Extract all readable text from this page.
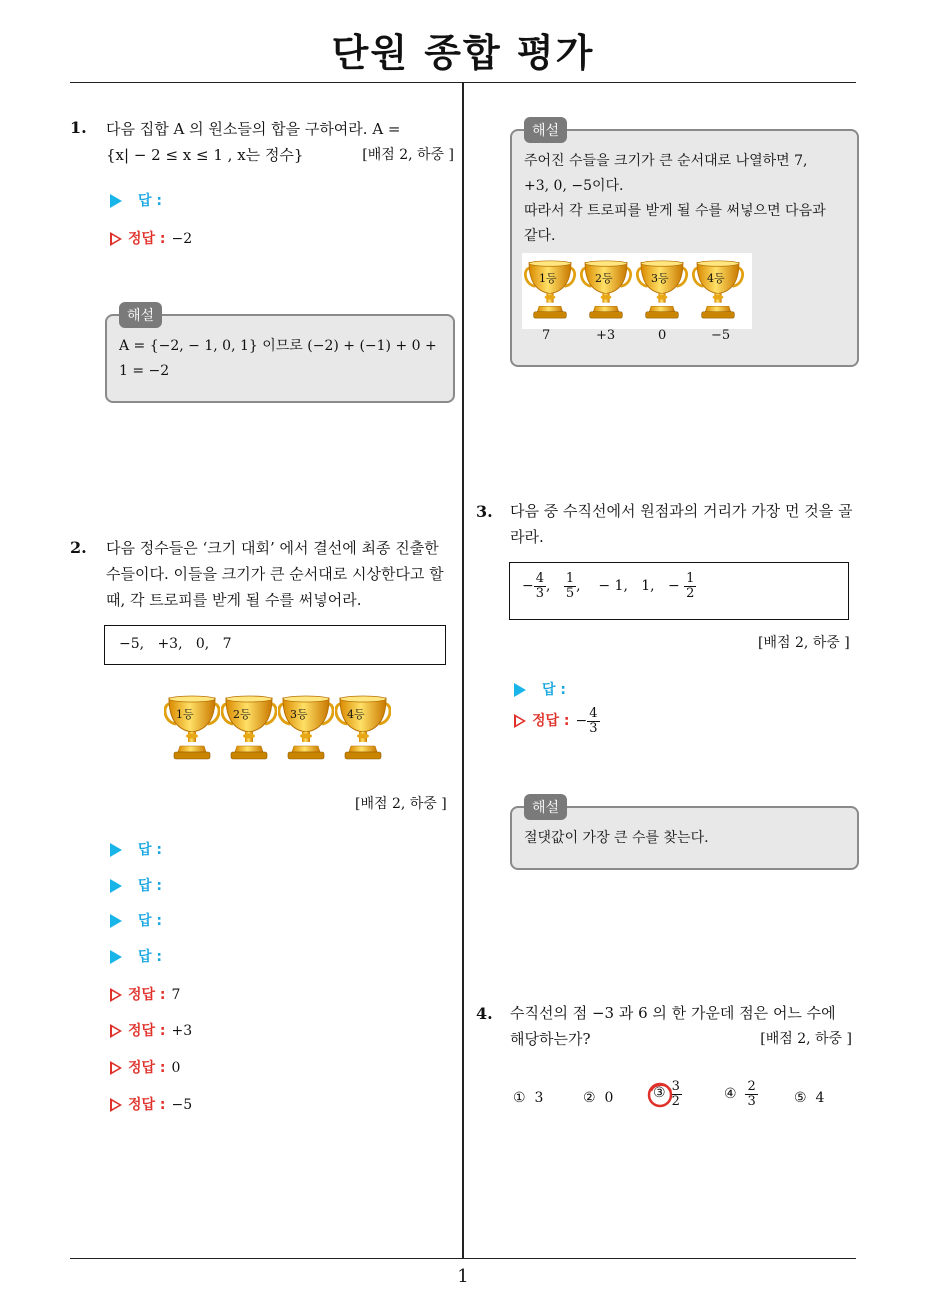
단원 종합 평가
1
1. 다음 집합 A 의 원소들의 합을 구하여라. A =
{x| − 2 ≤ x ≤ 1 , x는 정수}	[배점 2, 하중 ]
답 :
정답 : −2
해설
A = {−2, − 1, 0, 1} 이므로 (−2) + (−1) + 0 +
1 = −2
2. 다음 정수들은 ‘크기 대회’ 에서 결선에 최종 진출한
수들이다. 이들을 크기가 큰 순서대로 시상한다고 할
때, 각 트로피를 받게 될 수를 써넣어라.
−5,   +3,   0,   7
1등	2등	3등	4등
[배점 2, 하중 ]
답 :
답 :
답 :
답 :
정답 : 7
정답 : +3
정답 : 0
정답 : −5
해설
주어진 수들을 크기가 큰 순서대로 나열하면 7,
+3, 0, −5이다.
따라서 각 트로피를 받게 될 수를 써넣으면 다음과
같다.
1등	2등	3등	4등
7	+3	0	−5
3. 다음 중 수직선에서 원점과의 거리가 가장 먼 것을 골
라라.
− $\frac{4}{3}$ , $\frac{1}{5}$ ,    − 1,   1,   − $\frac{1}{2}$
[배점 2, 하중 ]
답 :
정답 : − $\frac{4}{3}$
해설
절댓값이 가장 큰 수를 찾는다.
4. 수직선의 점 −3 과 6 의 한 가운데 점은 어느 수에
해당하는가?	[배점 2, 하중 ]
① 3	② 0	③ $\frac{3}{2}$	④ $\frac{2}{3}$	⑤ 4
